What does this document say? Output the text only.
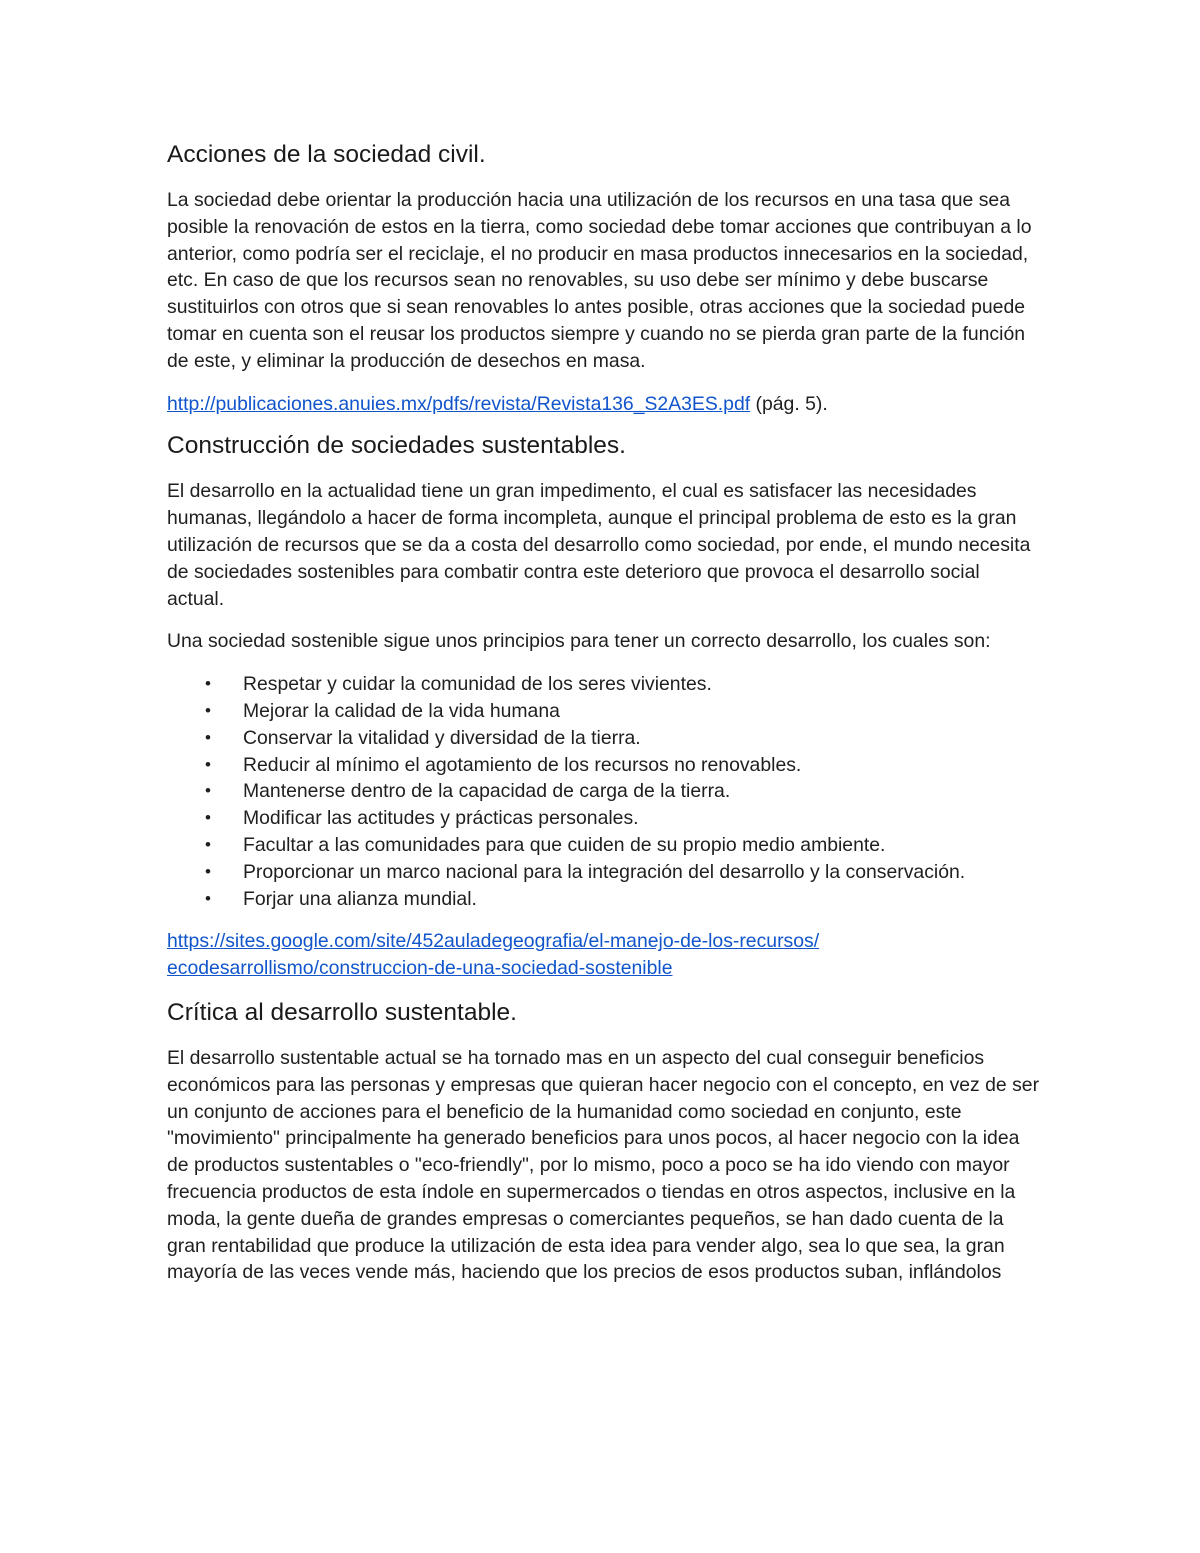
Acciones de la sociedad civil.

La sociedad debe orientar la producción hacia una utilización de los recursos en una tasa que sea posible la renovación de estos en la tierra, como sociedad debe tomar acciones que contribuyan a lo anterior, como podría ser el reciclaje, el no producir en masa productos innecesarios en la sociedad, etc. En caso de que los recursos sean no renovables, su uso debe ser mínimo y debe buscarse sustituirlos con otros que si sean renovables lo antes posible, otras acciones que la sociedad puede tomar en cuenta son el reusar los productos siempre y cuando no se pierda gran parte de la función de este, y eliminar la producción de desechos en masa.

http://publicaciones.anuies.mx/pdfs/revista/Revista136_S2A3ES.pdf (pág. 5).

Construcción de sociedades sustentables.

El desarrollo en la actualidad tiene un gran impedimento, el cual es satisfacer las necesidades humanas, llegándolo a hacer de forma incompleta, aunque el principal problema de esto es la gran utilización de recursos que se da a costa del desarrollo como sociedad, por ende, el mundo necesita de sociedades sostenibles para combatir contra este deterioro que provoca el desarrollo social actual.

Una sociedad sostenible sigue unos principios para tener un correcto desarrollo, los cuales son:

• Respetar y cuidar la comunidad de los seres vivientes.
• Mejorar la calidad de la vida humana
• Conservar la vitalidad y diversidad de la tierra.
• Reducir al mínimo el agotamiento de los recursos no renovables.
• Mantenerse dentro de la capacidad de carga de la tierra.
• Modificar las actitudes y prácticas personales.
• Facultar a las comunidades para que cuiden de su propio medio ambiente.
• Proporcionar un marco nacional para la integración del desarrollo y la conservación.
• Forjar una alianza mundial.

https://sites.google.com/site/452auladegeografia/el-manejo-de-los-recursos/
ecodesarrollismo/construccion-de-una-sociedad-sostenible

Crítica al desarrollo sustentable.

El desarrollo sustentable actual se ha tornado mas en un aspecto del cual conseguir beneficios económicos para las personas y empresas que quieran hacer negocio con el concepto, en vez de ser un conjunto de acciones para el beneficio de la humanidad como sociedad en conjunto, este "movimiento" principalmente ha generado beneficios para unos pocos, al hacer negocio con la idea de productos sustentables o "eco-friendly", por lo mismo, poco a poco se ha ido viendo con mayor frecuencia productos de esta índole en supermercados o tiendas en otros aspectos, inclusive en la moda, la gente dueña de grandes empresas o comerciantes pequeños, se han dado cuenta de la gran rentabilidad que produce la utilización de esta idea para vender algo, sea lo que sea, la gran mayoría de las veces vende más, haciendo que los precios de esos productos suban, inflándolos
